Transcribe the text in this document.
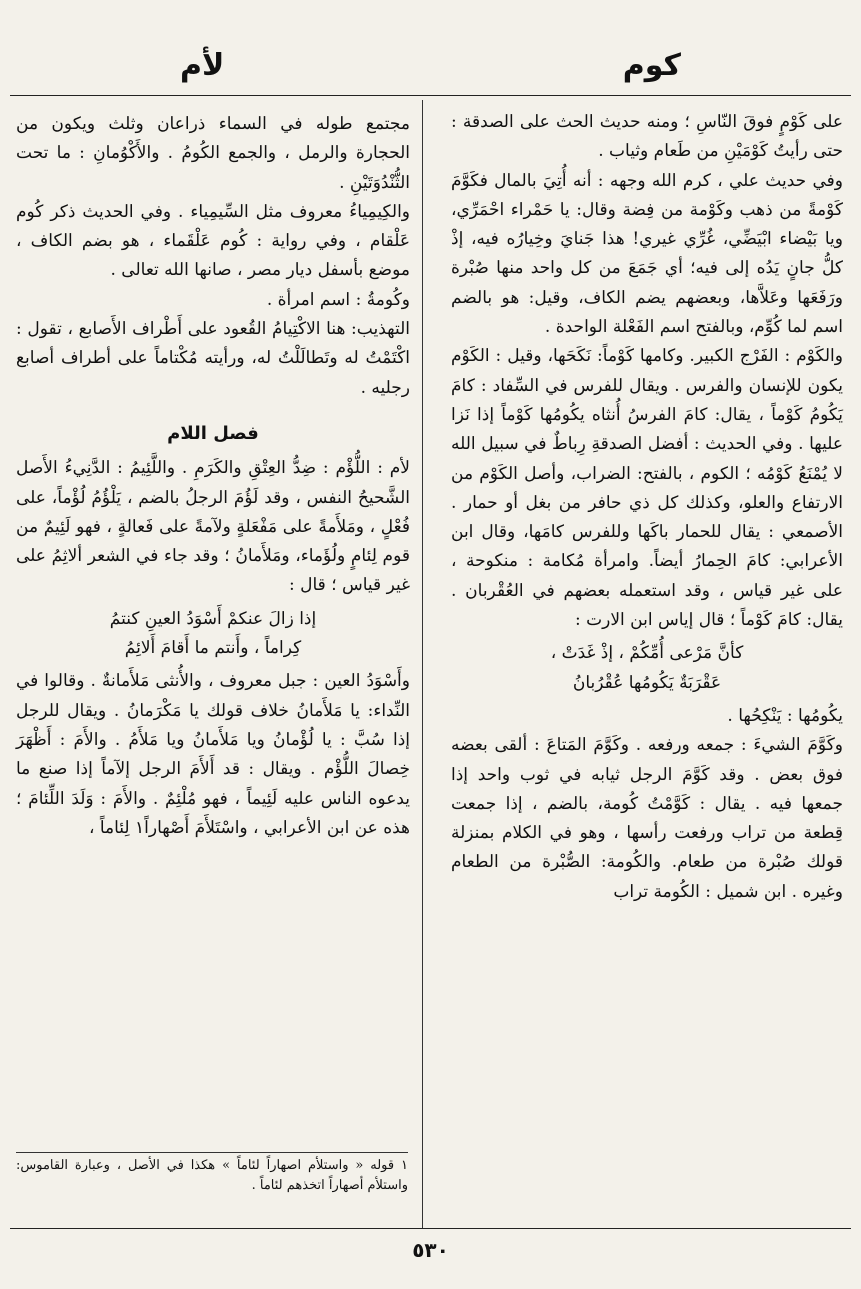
كوم
لأم

على كَوْمٍ فوقَ النّاسِ ؛ ومنه حديث الحث على الصدقة : حتى رأيتُ كَوْمَيْنِ من طَعام وثياب .

وفي حديث علي ، كرم الله وجهه : أنه أُتِيَ بالمال فكَوَّمَ كَوْمةً من ذهب وكَوْمة من فِضة وقال: يا حَمْراء احْمَرِّي، ويا بَيْضاء ابْيَضِّي، غُرِّي غيري! هذا جَنايَ وخِيارُه فيه، إذْ كلُّ جانٍ يَدُه إلى فيه؛ أي جَمَعَ من كل واحد منها صُبْرة ورَفَعَها وعَلاَّها، وبعضهم يضم الكاف، وقيل: هو بالضم اسم لما كُوِّم، وبالفتح اسم الفَعْلة الواحدة .

والكَوْم : الفَرْج الكبير. وكامها كَوْماً: نَكَحَها، وقيل : الكَوْم يكون للإنسان والفرس . ويقال للفرس في السِّفاد : كامَ يَكُومُ كَوْماً ، يقال: كامَ الفرسُ أُنثاه يكُومُها كَوْماً إذا نَزا عليها . وفي الحديث : أفضل الصدقةِ رِباطٌ في سبيل الله لا يُمْنَعُ كَوْمُه ؛ الكوم ، بالفتح: الضراب، وأصل الكَوْم من الارتفاع والعلو، وكذلك كل ذي حافر من بغل أو حمار . الأصمعي : يقال للحمار باكَها وللفرس كامَها، وقال ابن الأعرابي: كامَ الحِمارُ أيضاً. وامرأة مُكامة : منكوحة ، على غير قياس ، وقد استعمله بعضهم في العُقْربان . يقال: كامَ كَوْماً ؛ قال إياس ابن الارت :

كأنَّ مَرْعى أُمِّكُمْ ، إذْ غَدَتْ ،
عَقْرَبَةٌ يَكُومُها عُقْرُبانُ

يكُومُها : يَنْكِحُها .

وكَوَّمَ الشيءَ : جمعه ورفعه . وكَوَّمَ المَتاعَ : ألقى بعضه فوق بعض . وقد كَوَّمَ الرجل ثيابه في ثوب واحد إذا جمعها فيه . يقال : كَوَّمْتُ كُومة، بالضم ، إذا جمعت قِطعة من تراب ورفعت رأسها ، وهو في الكلام بمنزلة قولك صُبْرة من طعام. والكُومة: الصُّبْرة من الطعام وغيره . ابن شميل : الكُومة تراب

مجتمع طوله في السماء ذراعان وثلث ويكون من الحجارة والرمل ، والجمع الكُومُ . والأَكْوُمانِ : ما تحت الثُّنْدُوَتَيْنِ .

والكِيمِياءُ معروف مثل السِّيمِياء . وفي الحديث ذكر كُوم عَلْقام ، وفي رواية : كُوم عَلْقَماء ، هو بضم الكاف ، موضع بأسفل ديار مصر ، صانها الله تعالى .

وكُومةُ : اسم امرأة .

التهذيب: هنا الاكْتِيامُ القُعود على أَطْراف الأَصابع ، تقول : اكْتَمْتُ له وتَطالَلْتُ له، ورأيته مُكْتاماً على أطراف أصابع رجليه .

فصل اللام

لأم : اللُّؤْم : ضِدُّ العِتْقِ والكَرَمِ . واللَّئِيمُ : الدَّنِيءُ الأَصل الشَّحيحُ النفس ، وقد لَؤُمَ الرجلُ بالضم ، يَلْؤُمُ لُؤْماً، على فُعْلٍ ، ومَلأَمةً على مَفْعَلةٍ ولآمةً على فَعالةٍ ، فهو لَئِيمٌ من قوم لِئامٍ ولُؤَماء، ومَلأَمانُ ؛ وقد جاء في الشعر ألاثِمُ على غير قياس ؛ قال :

إذا زالَ عنكمْ أَسْوَدُ العينِ كنتمُ
كِراماً ، وأَنتم ما أَقامَ أَلائِمُ

وأَسْوَدُ العين : جبل معروف ، والأُنثى مَلأَمانةٌ . وقالوا في النِّداء: يا مَلأَمانُ خلاف قولك يا مَكْرَمانُ . ويقال للرجل إذا سُبَّ : يا لُؤْمانُ ويا مَلأَمانُ ويا مَلأَمُ . والأَمَ : أَظْهَرَ خِصالَ اللُّؤْم . ويقال : قد أَلأَمَ الرجل إلآماً إذا صنع ما يدعوه الناس عليه لَئِيماً ، فهو مُلْئِمٌ . والأَمَ : وَلَدَ اللِّئامَ ؛ هذه عن ابن الأعرابي ، واسْتَلأَمَ أَصْهاراً١ لِئاماً ،

١ قوله « واستلأم اصهاراً لئاماً » هكذا في الأصل ، وعبارة القاموس: واستلأم أصهاراً اتخذهم لئاماً .
٥٣٠
